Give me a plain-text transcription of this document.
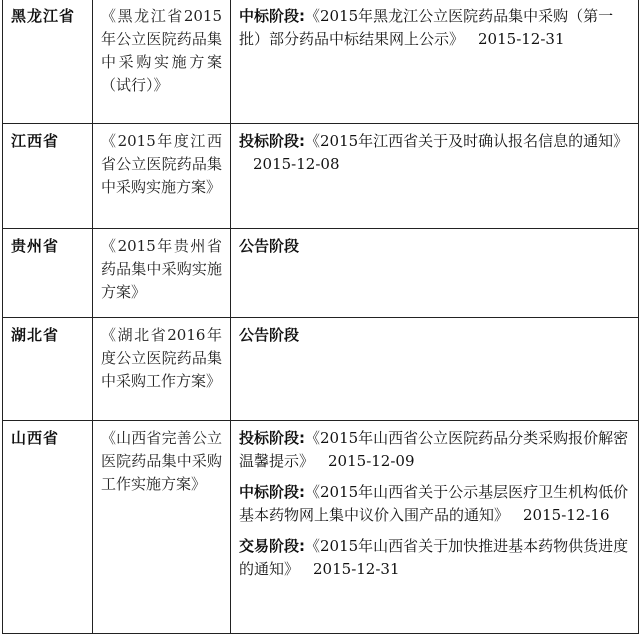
黑龙江省	《黑龙江省2015年公立医院药品集中采购实施方案（试行）》	中标阶段:《2015年黑龙江公立医院药品集中采购（第一批）部分药品中标结果网上公示》 2015-12-31

江西省	《2015年度江西省公立医院药品集中采购实施方案》	投标阶段:《2015年江西省关于及时确认报名信息的通知》2015-12-08

贵州省	《2015年贵州省药品集中采购实施方案》	公告阶段

湖北省	《湖北省2016年度公立医院药品集中采购工作方案》	公告阶段

山西省	《山西省完善公立医院药品集中采购工作实施方案》	投标阶段:《2015年山西省公立医院药品分类采购报价解密温馨提示》 2015-12-09
中标阶段:《2015年山西省关于公示基层医疗卫生机构低价基本药物网上集中议价入围产品的通知》 2015-12-16
交易阶段:《2015年山西省关于加快推进基本药物供货进度的通知》 2015-12-31
